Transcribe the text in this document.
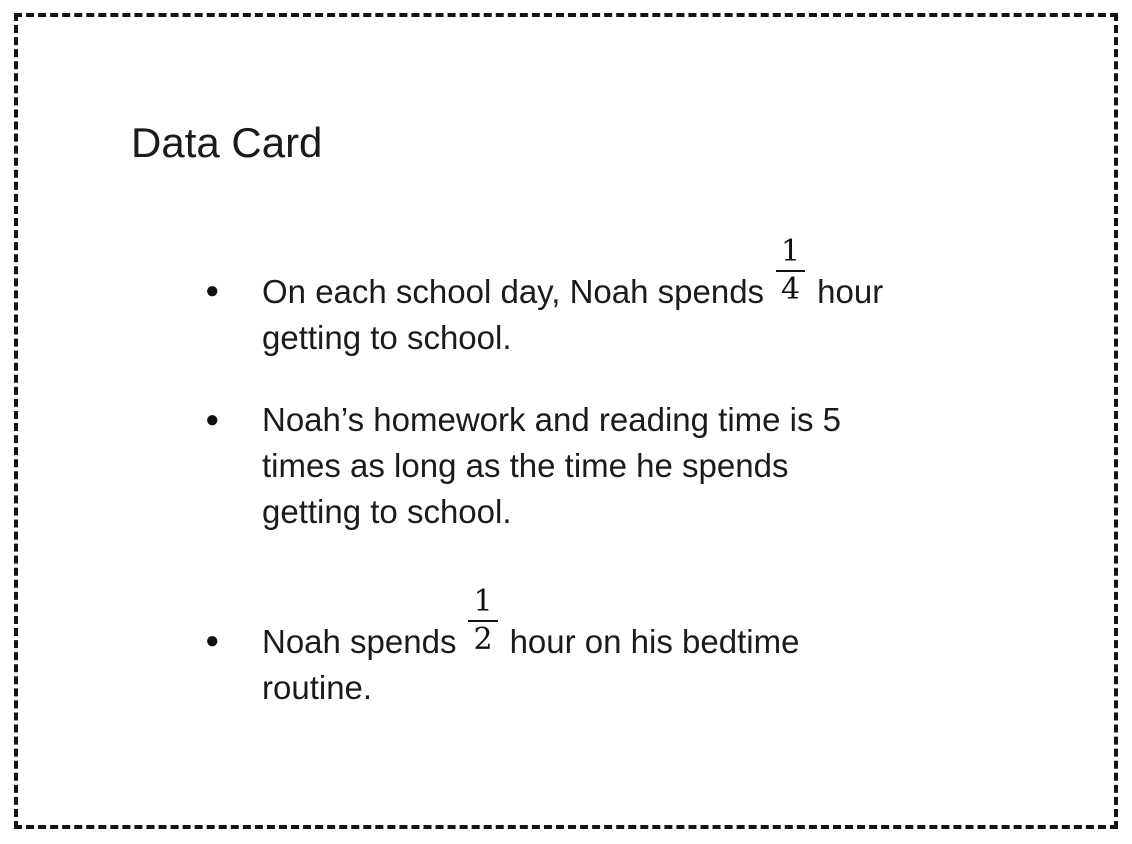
Data Card
●	On each school day, Noah spends $\frac{1}{4}$ hour
getting to school.
●	Noah’s homework and reading time is 5
times as long as the time he spends
getting to school.
●	Noah spends $\frac{1}{2}$ hour on his bedtime
routine.
